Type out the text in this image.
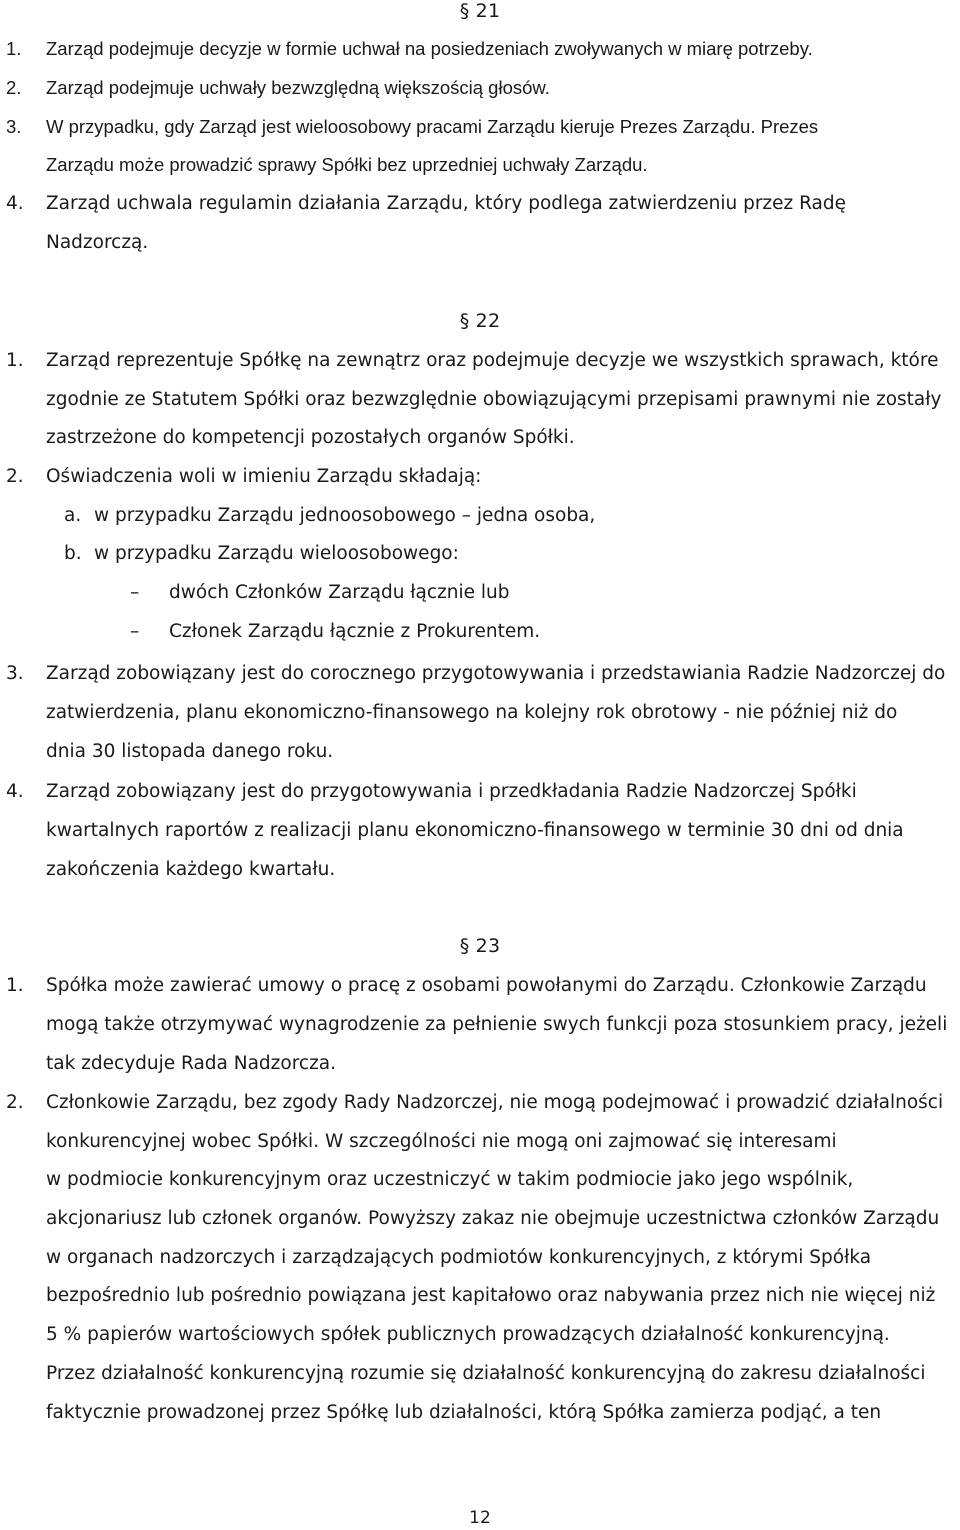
§ 21
1.	Zarząd podejmuje decyzje w formie uchwał na posiedzeniach zwoływanych w miarę potrzeby.
2.	Zarząd podejmuje uchwały bezwzględną większością głosów.
3.	W przypadku, gdy Zarząd jest wieloosobowy pracami Zarządu kieruje Prezes Zarządu. Prezes
Zarządu może prowadzić sprawy Spółki bez uprzedniej uchwały Zarządu.
4.	Zarząd uchwala regulamin działania Zarządu, który podlega zatwierdzeniu przez Radę
Nadzorczą.
§ 22
1.	Zarząd reprezentuje Spółkę na zewnątrz oraz podejmuje decyzje we wszystkich sprawach, które
zgodnie ze Statutem Spółki oraz bezwzględnie obowiązującymi przepisami prawnymi nie zostały
zastrzeżone do kompetencji pozostałych organów Spółki.
2.	Oświadczenia woli w imieniu Zarządu składają:
a. w przypadku Zarządu jednoosobowego – jedna osoba,
b. w przypadku Zarządu wieloosobowego:
– dwóch Członków Zarządu łącznie lub
– Członek Zarządu łącznie z Prokurentem.
3.	Zarząd zobowiązany jest do corocznego przygotowywania i przedstawiania Radzie Nadzorczej do
zatwierdzenia, planu ekonomiczno-finansowego na kolejny rok obrotowy - nie później niż do
dnia 30 listopada danego roku.
4.	Zarząd zobowiązany jest do przygotowywania i przedkładania Radzie Nadzorczej Spółki
kwartalnych raportów z realizacji planu ekonomiczno-finansowego w terminie 30 dni od dnia
zakończenia każdego kwartału.
§ 23
1.	Spółka może zawierać umowy o pracę z osobami powołanymi do Zarządu. Członkowie Zarządu
mogą także otrzymywać wynagrodzenie za pełnienie swych funkcji poza stosunkiem pracy, jeżeli
tak zdecyduje Rada Nadzorcza.
2.	Członkowie Zarządu, bez zgody Rady Nadzorczej, nie mogą podejmować i prowadzić działalności
konkurencyjnej wobec Spółki. W szczególności nie mogą oni zajmować się interesami
w podmiocie konkurencyjnym oraz uczestniczyć w takim podmiocie jako jego wspólnik,
akcjonariusz lub członek organów. Powyższy zakaz nie obejmuje uczestnictwa członków Zarządu
w organach nadzorczych i zarządzających podmiotów konkurencyjnych, z którymi Spółka
bezpośrednio lub pośrednio powiązana jest kapitałowo oraz nabywania przez nich nie więcej niż
5 % papierów wartościowych spółek publicznych prowadzących działalność konkurencyjną.
Przez działalność konkurencyjną rozumie się działalność konkurencyjną do zakresu działalności
faktycznie prowadzonej przez Spółkę lub działalności, którą Spółka zamierza podjąć, a ten
12
